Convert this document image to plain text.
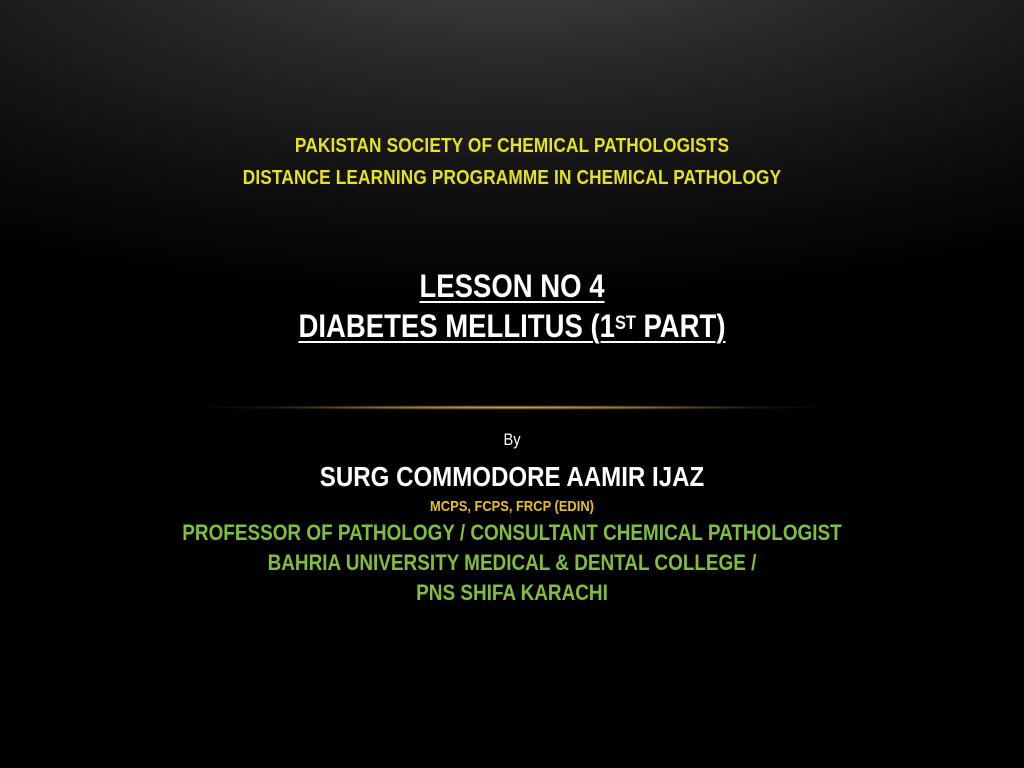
PAKISTAN SOCIETY OF CHEMICAL PATHOLOGISTS
DISTANCE LEARNING PROGRAMME IN CHEMICAL PATHOLOGY
LESSON NO 4
DIABETES MELLITUS (1ST PART)
By
SURG COMMODORE AAMIR IJAZ
MCPS, FCPS, FRCP (EDIN)
PROFESSOR OF PATHOLOGY / CONSULTANT CHEMICAL PATHOLOGIST
BAHRIA UNIVERSITY MEDICAL & DENTAL COLLEGE /
PNS SHIFA KARACHI
